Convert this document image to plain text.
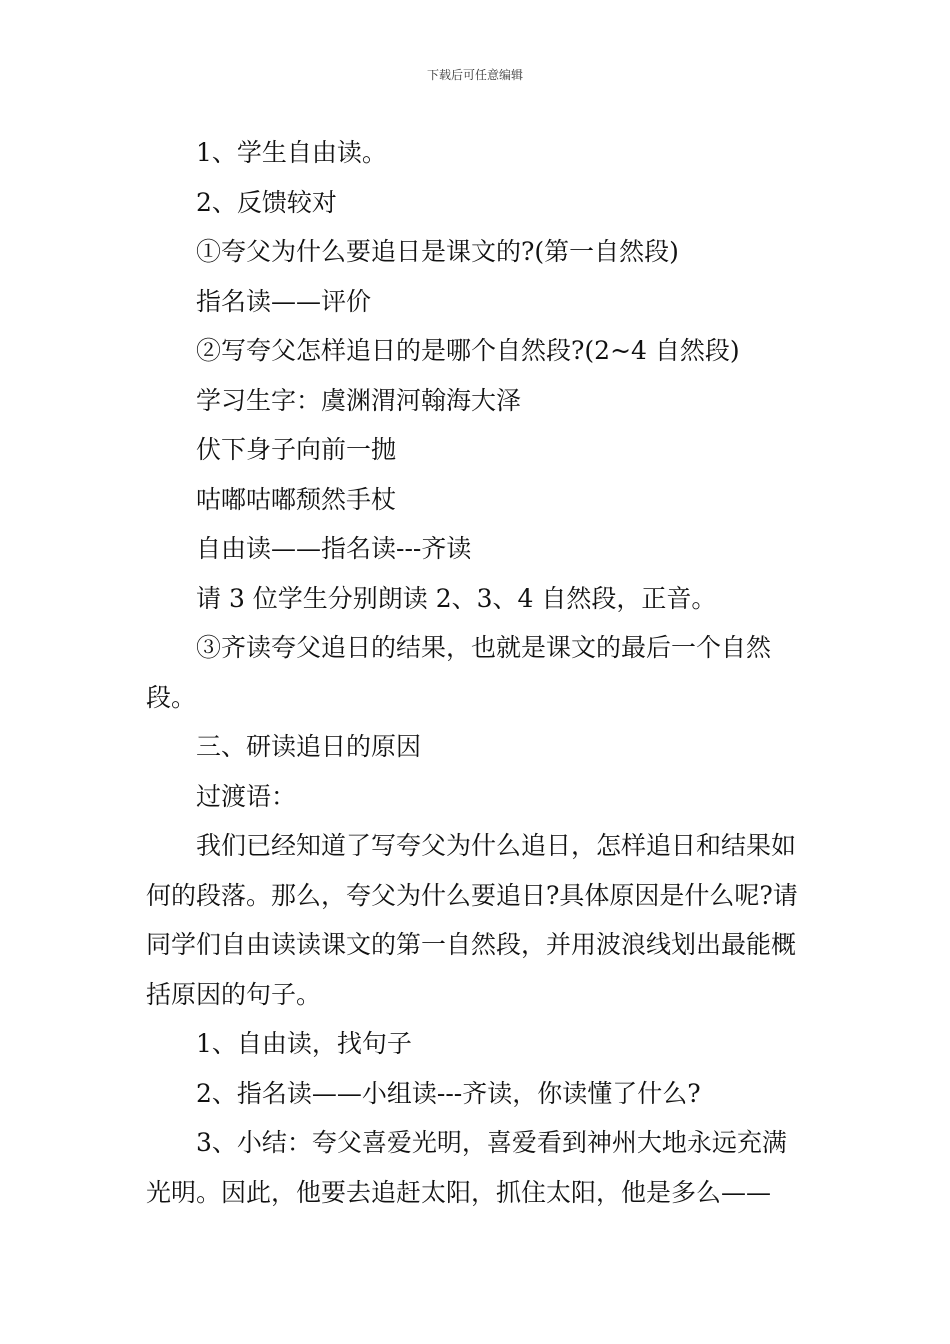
下载后可任意编辑

1、学生自由读。

2、反馈较对

①夸父为什么要追日是课文的?(第一自然段)

指名读——评价

②写夸父怎样追日的是哪个自然段?(2~4 自然段)

学习生字：虞渊渭河翰海大泽

伏下身子向前一抛

咕嘟咕嘟颓然手杖

自由读——指名读---齐读

请 3 位学生分别朗读 2、3、4 自然段，正音。

③齐读夸父追日的结果，也就是课文的最后一个自然段。

三、研读追日的原因

过渡语：

我们已经知道了写夸父为什么追日，怎样追日和结果如何的段落。那么，夸父为什么要追日?具体原因是什么呢?请同学们自由读读课文的第一自然段，并用波浪线划出最能概括原因的句子。

1、自由读，找句子

2、指名读——小组读---齐读，你读懂了什么?

3、小结：夸父喜爱光明，喜爱看到神州大地永远充满光明。因此，他要去追赶太阳，抓住太阳，他是多么——
